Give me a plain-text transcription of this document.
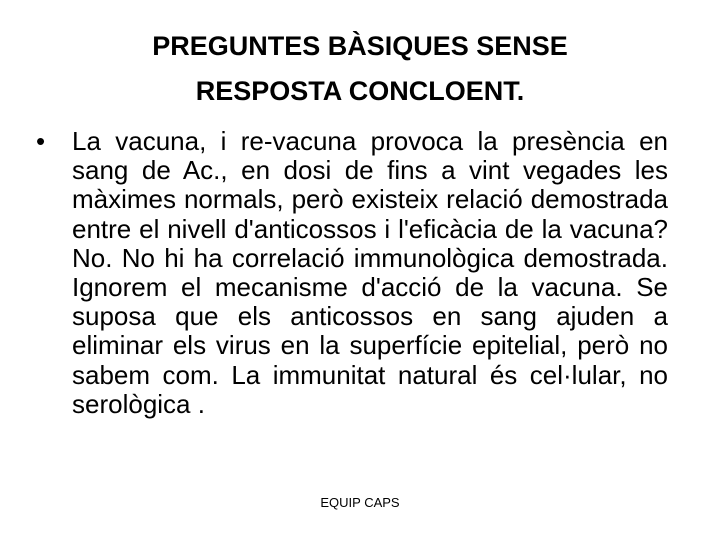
PREGUNTES BÀSIQUES SENSE
RESPOSTA CONCLOENT.
• La vacuna, i re-vacuna provoca la presència en sang de Ac., en dosi de fins a vint vegades les màximes normals, però existeix relació demostrada entre el nivell d'anticossos i l'eficàcia de la vacuna? No. No hi ha correlació immunològica demostrada. Ignorem el mecanisme d'acció de la vacuna. Se suposa que els anticossos en sang ajuden a eliminar els virus en la superfície epitelial, però no sabem com. La immunitat natural és cel·lular, no serològica .
EQUIP CAPS
